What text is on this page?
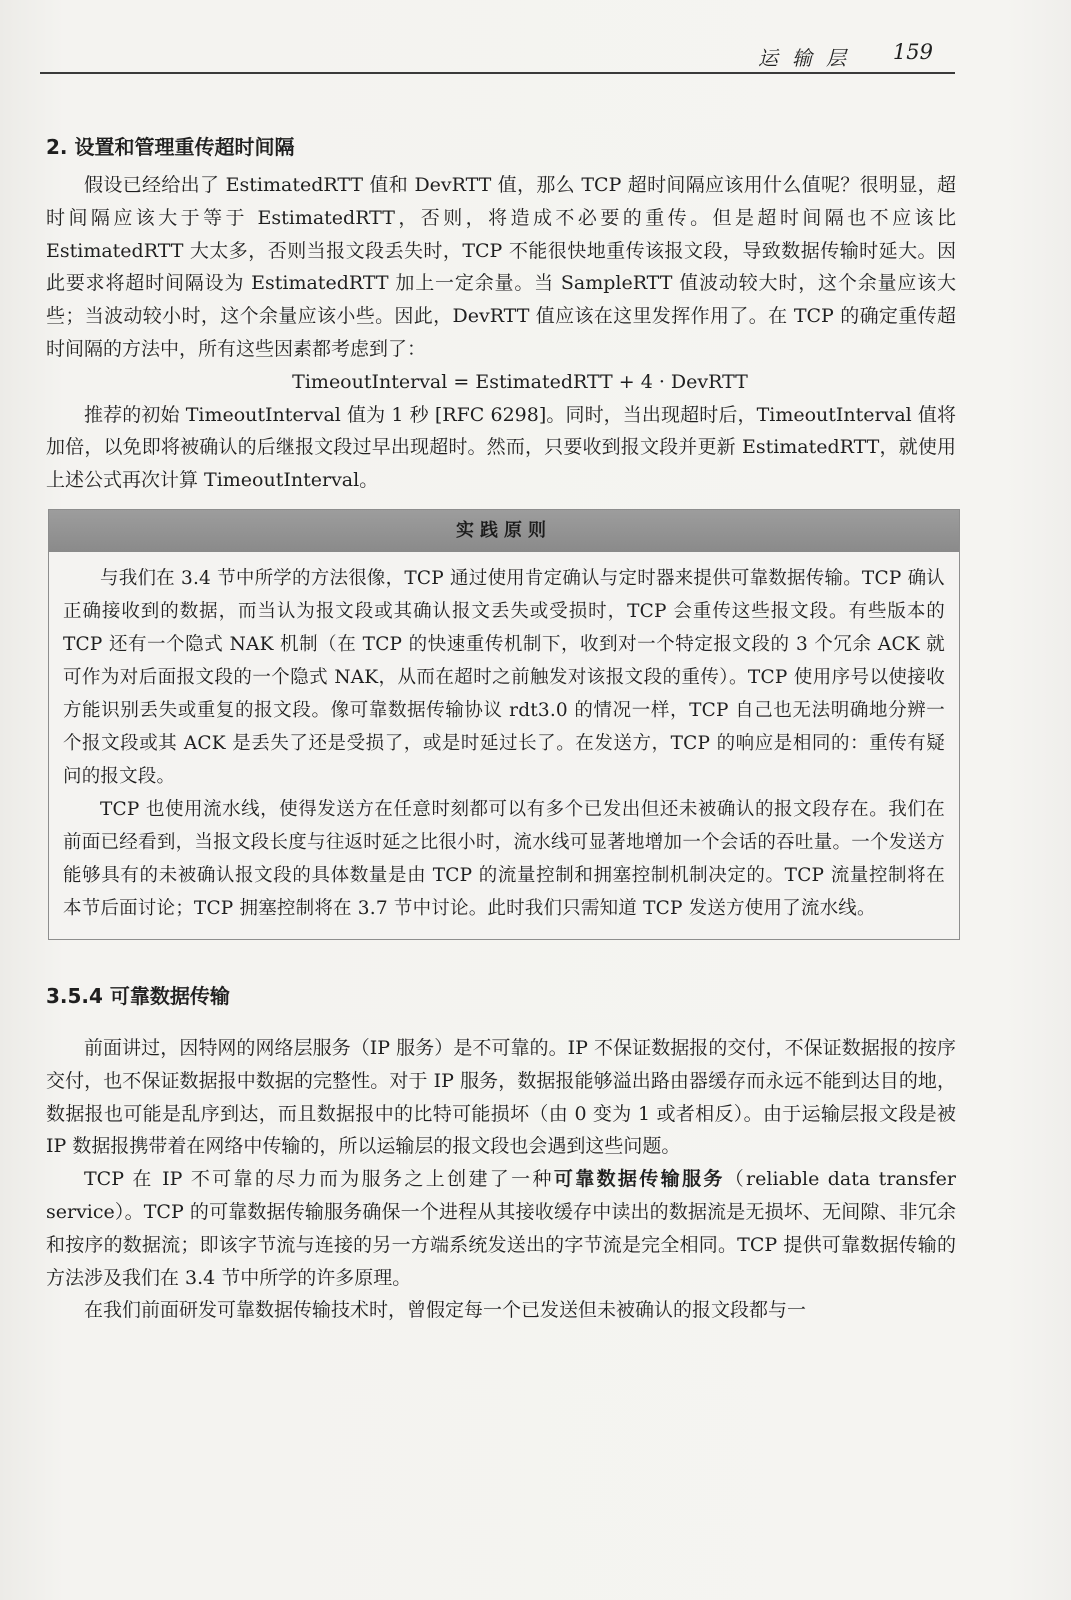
运输层 159
2. 设置和管理重传超时间隔

假设已经给出了 EstimatedRTT 值和 DevRTT 值，那么 TCP 超时间隔应该用什么值呢？很明显，超时间隔应该大于等于 EstimatedRTT，否则，将造成不必要的重传。但是超时间隔也不应该比 EstimatedRTT 大太多，否则当报文段丢失时，TCP 不能很快地重传该报文段，导致数据传输时延大。因此要求将超时间隔设为 EstimatedRTT 加上一定余量。当 SampleRTT 值波动较大时，这个余量应该大些；当波动较小时，这个余量应该小些。因此，DevRTT 值应该在这里发挥作用了。在 TCP 的确定重传超时间隔的方法中，所有这些因素都考虑到了：

TimeoutInterval = EstimatedRTT + 4 · DevRTT

推荐的初始 TimeoutInterval 值为 1 秒 [RFC 6298]。同时，当出现超时后，TimeoutInterval 值将加倍，以免即将被确认的后继报文段过早出现超时。然而，只要收到报文段并更新 EstimatedRTT，就使用上述公式再次计算 TimeoutInterval。

实践原则

与我们在 3.4 节中所学的方法很像，TCP 通过使用肯定确认与定时器来提供可靠数据传输。TCP 确认正确接收到的数据，而当认为报文段或其确认报文丢失或受损时，TCP 会重传这些报文段。有些版本的 TCP 还有一个隐式 NAK 机制（在 TCP 的快速重传机制下，收到对一个特定报文段的 3 个冗余 ACK 就可作为对后面报文段的一个隐式 NAK，从而在超时之前触发对该报文段的重传）。TCP 使用序号以使接收方能识别丢失或重复的报文段。像可靠数据传输协议 rdt3.0 的情况一样，TCP 自己也无法明确地分辨一个报文段或其 ACK 是丢失了还是受损了，或是时延过长了。在发送方，TCP 的响应是相同的：重传有疑问的报文段。

TCP 也使用流水线，使得发送方在任意时刻都可以有多个已发出但还未被确认的报文段存在。我们在前面已经看到，当报文段长度与往返时延之比很小时，流水线可显著地增加一个会话的吞吐量。一个发送方能够具有的未被确认报文段的具体数量是由 TCP 的流量控制和拥塞控制机制决定的。TCP 流量控制将在本节后面讨论；TCP 拥塞控制将在 3.7 节中讨论。此时我们只需知道 TCP 发送方使用了流水线。

3.5.4 可靠数据传输

前面讲过，因特网的网络层服务（IP 服务）是不可靠的。IP 不保证数据报的交付，不保证数据报的按序交付，也不保证数据报中数据的完整性。对于 IP 服务，数据报能够溢出路由器缓存而永远不能到达目的地，数据报也可能是乱序到达，而且数据报中的比特可能损坏（由 0 变为 1 或者相反）。由于运输层报文段是被 IP 数据报携带着在网络中传输的，所以运输层的报文段也会遇到这些问题。

TCP 在 IP 不可靠的尽力而为服务之上创建了一种可靠数据传输服务（reliable data transfer service）。TCP 的可靠数据传输服务确保一个进程从其接收缓存中读出的数据流是无损坏、无间隙、非冗余和按序的数据流；即该字节流与连接的另一方端系统发送出的字节流是完全相同。TCP 提供可靠数据传输的方法涉及我们在 3.4 节中所学的许多原理。

在我们前面研发可靠数据传输技术时，曾假定每一个已发送但未被确认的报文段都与一
